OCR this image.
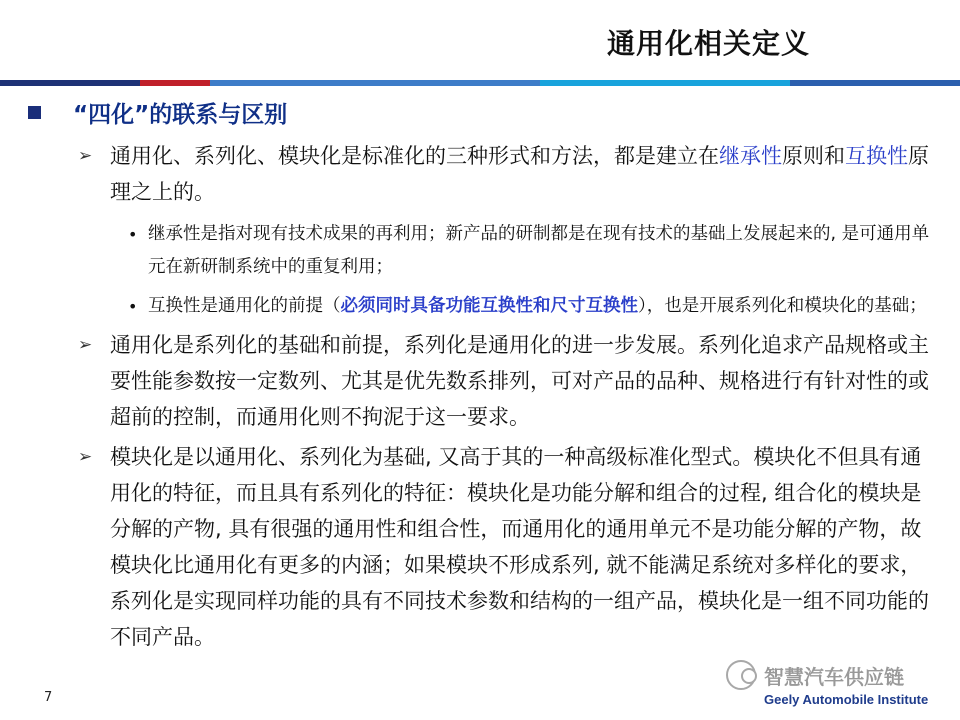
通用化相关定义
“四化”的联系与区别
➢ 通用化、系列化、模块化是标准化的三种形式和方法，都是建立在继承性原则和互换性原理之上的。
• 继承性是指对现有技术成果的再利用；新产品的研制都是在现有技术的基础上发展起来的, 是可通用单元在新研制系统中的重复利用；
• 互换性是通用化的前提（必须同时具备功能互换性和尺寸互换性），也是开展系列化和模块化的基础；
➢ 通用化是系列化的基础和前提，系列化是通用化的进一步发展。系列化追求产品规格或主要性能参数按一定数列、尤其是优先数系排列，可对产品的品种、规格进行有针对性的或超前的控制，而通用化则不拘泥于这一要求。
➢ 模块化是以通用化、系列化为基础, 又高于其的一种高级标准化型式。模块化不但具有通用化的特征，而且具有系列化的特征：模块化是功能分解和组合的过程, 组合化的模块是分解的产物, 具有很强的通用性和组合性，而通用化的通用单元不是功能分解的产物，故模块化比通用化有更多的内涵；如果模块不形成系列, 就不能满足系统对多样化的要求，系列化是实现同样功能的具有不同技术参数和结构的一组产品，模块化是一组不同功能的不同产品。
7
智慧汽车供应链
Geely Automobile Institute
